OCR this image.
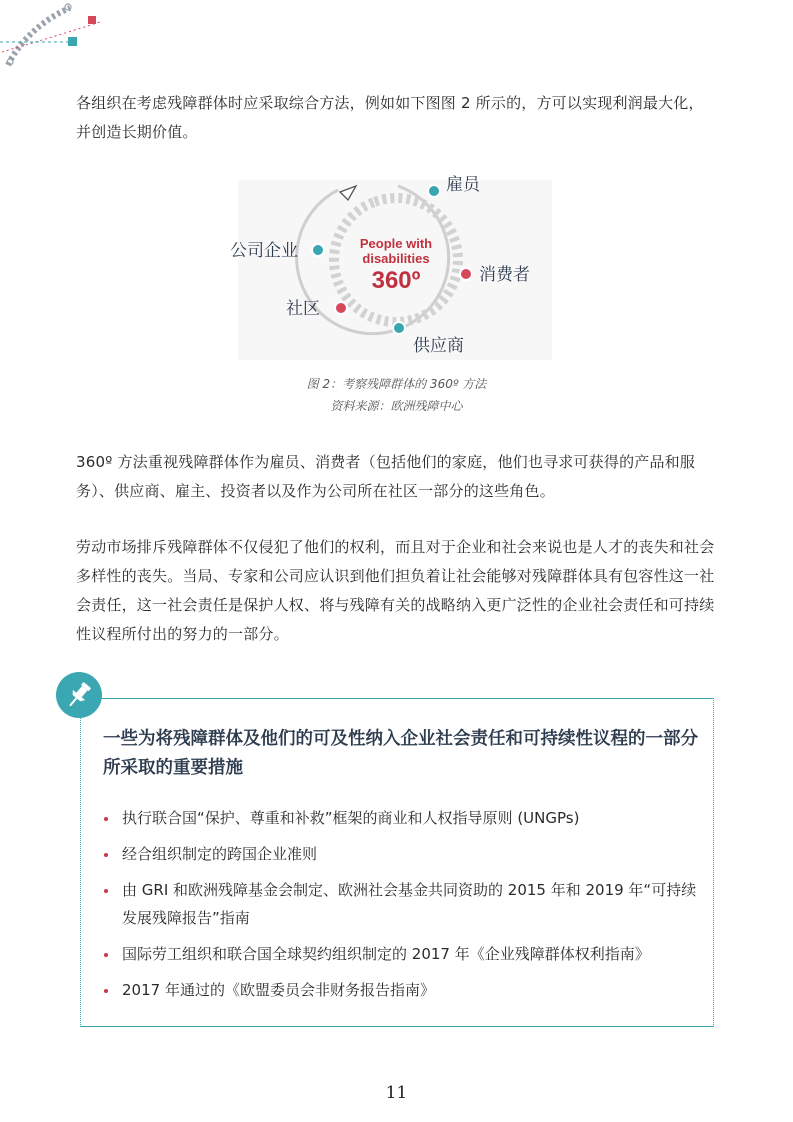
各组织在考虑残障群体时应采取综合方法，例如如下图图 2 所示的，方可以实现利润最大化，并创造长期价值。

People with
disabilities
360º
雇员
消费者
供应商
社区
公司企业
图 2：考察残障群体的 360º 方法
资料来源：欧洲残障中心

360º 方法重视残障群体作为雇员、消费者（包括他们的家庭，他们也寻求可获得的产品和服务）、供应商、雇主、投资者以及作为公司所在社区一部分的这些角色。

劳动市场排斥残障群体不仅侵犯了他们的权利，而且对于企业和社会来说也是人才的丧失和社会多样性的丧失。当局、专家和公司应认识到他们担负着让社会能够对残障群体具有包容性这一社会责任，这一社会责任是保护人权、将与残障有关的战略纳入更广泛性的企业社会责任和可持续性议程所付出的努力的一部分。

一些为将残障群体及他们的可及性纳入企业社会责任和可持续性议程的一部分所采取的重要措施

执行联合国“保护、尊重和补救”框架的商业和人权指导原则 (UNGPs)
经合组织制定的跨国企业准则
由 GRI 和欧洲残障基金会制定、欧洲社会基金共同资助的 2015 年和 2019 年“可持续发展残障报告”指南
国际劳工组织和联合国全球契约组织制定的 2017 年《企业残障群体权利指南》
2017 年通过的《欧盟委员会非财务报告指南》
11
